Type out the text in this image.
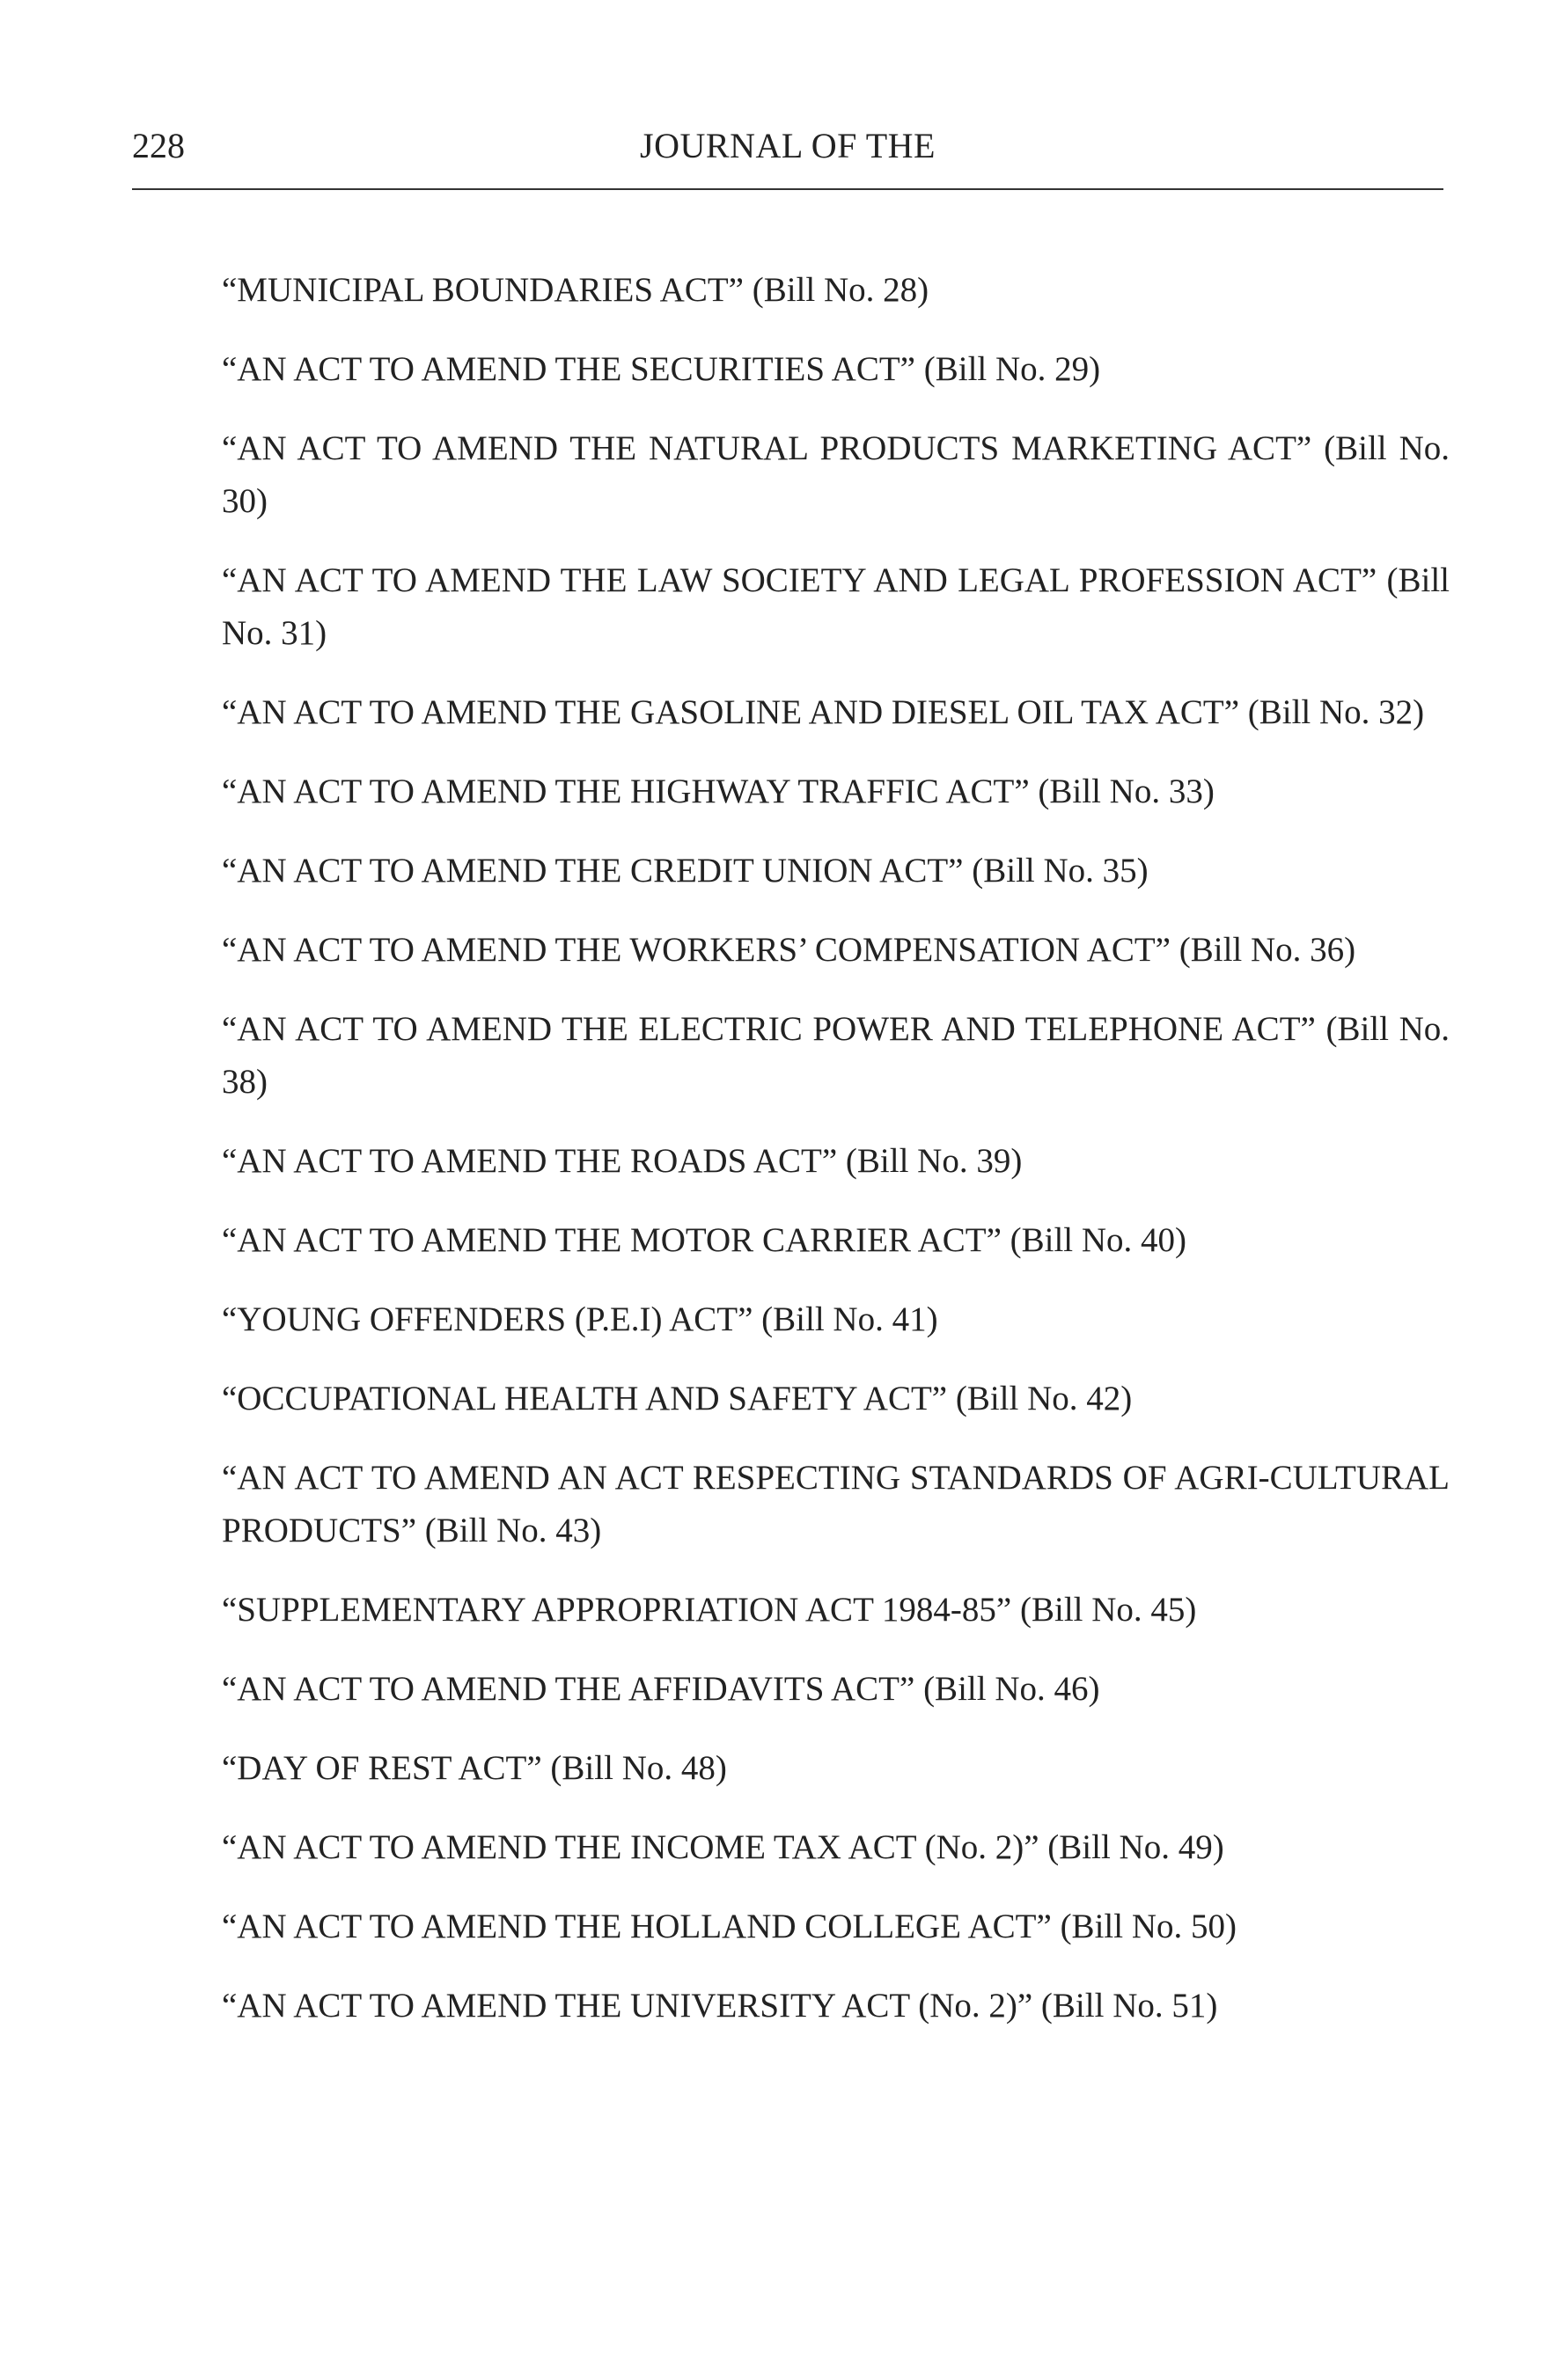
228	JOURNAL OF THE
“MUNICIPAL BOUNDARIES ACT” (Bill No. 28)
“AN ACT TO AMEND THE SECURITIES ACT” (Bill No. 29)
“AN ACT TO AMEND THE NATURAL PRODUCTS MARKETING ACT” (Bill No. 30)
“AN ACT TO AMEND THE LAW SOCIETY AND LEGAL PROFESSION ACT” (Bill No. 31)
“AN ACT TO AMEND THE GASOLINE AND DIESEL OIL TAX ACT” (Bill No. 32)
“AN ACT TO AMEND THE HIGHWAY TRAFFIC ACT” (Bill No. 33)
“AN ACT TO AMEND THE CREDIT UNION ACT” (Bill No. 35)
“AN ACT TO AMEND THE WORKERS’ COMPENSATION ACT” (Bill No. 36)
“AN ACT TO AMEND THE ELECTRIC POWER AND TELEPHONE ACT” (Bill No. 38)
“AN ACT TO AMEND THE ROADS ACT” (Bill No. 39)
“AN ACT TO AMEND THE MOTOR CARRIER ACT” (Bill No. 40)
“YOUNG OFFENDERS (P.E.I) ACT” (Bill No. 41)
“OCCUPATIONAL HEALTH AND SAFETY ACT” (Bill No. 42)
“AN ACT TO AMEND AN ACT RESPECTING STANDARDS OF AGRI-CULTURAL PRODUCTS” (Bill No. 43)
“SUPPLEMENTARY APPROPRIATION ACT 1984-85” (Bill No. 45)
“AN ACT TO AMEND THE AFFIDAVITS ACT” (Bill No. 46)
“DAY OF REST ACT” (Bill No. 48)
“AN ACT TO AMEND THE INCOME TAX ACT (No. 2)” (Bill No. 49)
“AN ACT TO AMEND THE HOLLAND COLLEGE ACT” (Bill No. 50)
“AN ACT TO AMEND THE UNIVERSITY ACT (No. 2)” (Bill No. 51)
